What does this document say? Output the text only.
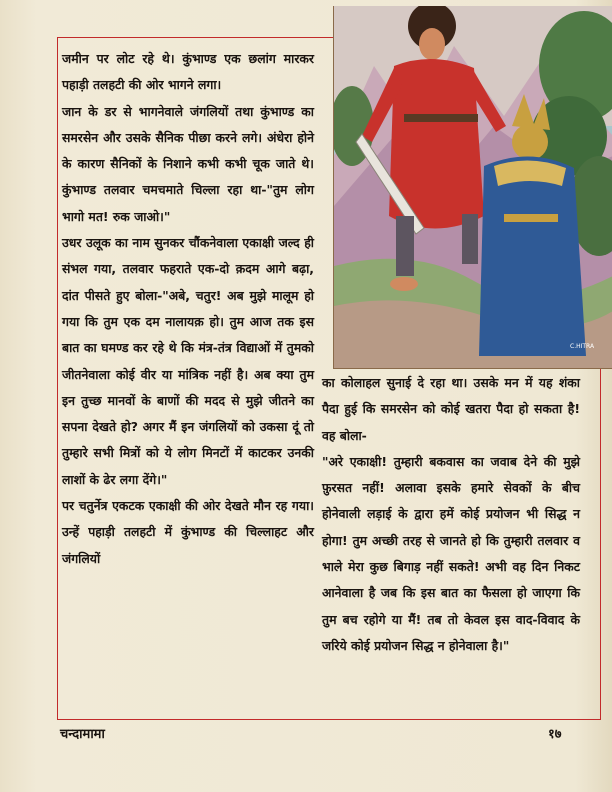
C.HITRA

जमीन पर लोट रहे थे। कुंभाण्ड एक छलांग मारकर पहाड़ी तलहटी की ओर भागने लगा।

जान के डर से भागनेवाले जंगलियों तथा कुंभाण्ड का समरसेन और उसके सैनिक पीछा करने लगे। अंधेरा होने के कारण सैनिकों के निशाने कभी कभी चूक जाते थे। कुंभाण्ड तलवार चमचमाते चिल्ला रहा था-"तुम लोग भागो मत! रुक जाओ।"

उधर उलूक का नाम सुनकर चौंकनेवाला एकाक्षी जल्द ही संभल गया, तलवार फहराते एक-दो क़दम आगे बढ़ा, दांत पीसते हुए बोला-"अबे, चतुर! अब मुझे मालूम हो गया कि तुम एक दम नालायक़ हो। तुम आज तक इस बात का घमण्ड कर रहे थे कि मंत्र-तंत्र विद्याओं में तुमको जीतनेवाला कोई वीर या मांत्रिक नहीं है। अब क्या तुम इन तुच्छ मानवों के बाणों की मदद से मुझे जीतने का सपना देखते हो? अगर मैं इन जंगलियों को उकसा दूं तो तुम्हारे सभी मित्रों को ये लोग मिनटों में काटकर उनकी लाशों के ढेर लगा देंगे।"

पर चतुर्नेत्र एकटक एकाक्षी की ओर देखते मौन रह गया। उन्हें पहाड़ी तलहटी में कुंभाण्ड की चिल्लाहट और जंगलियों

का कोलाहल सुनाई दे रहा था। उसके मन में यह शंका पैदा हुई कि समरसेन को कोई खतरा पैदा हो सकता है! वह बोला-

"अरे एकाक्षी! तुम्हारी बकवास का जवाब देने की मुझे फ़ुरसत नहीं! अलावा इसके हमारे सेवकों के बीच होनेवाली लड़ाई के द्वारा हमें कोई प्रयोजन भी सिद्ध न होगा! तुम अच्छी तरह से जानते हो कि तुम्हारी तलवार व भाले मेरा कुछ बिगाड़ नहीं सकते! अभी वह दिन निकट आनेवाला है जब कि इस बात का फैसला हो जाएगा कि तुम बच रहोगे या मैं! तब तो केवल इस वाद-विवाद के जरिये कोई प्रयोजन सिद्ध न होनेवाला है।"

चन्दामामा	१७
